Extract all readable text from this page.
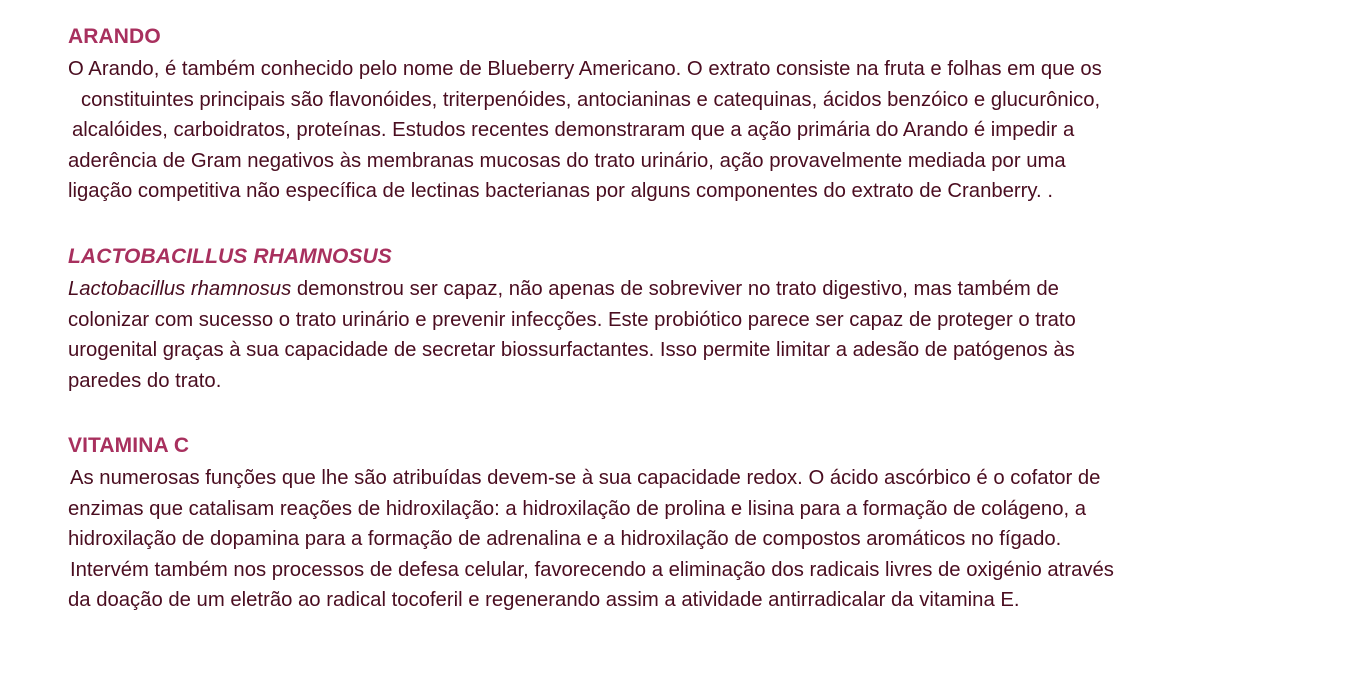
ARANDO

O Arando, é também conhecido pelo nome de Blueberry Americano. O extrato consiste na fruta e folhas em que os

constituintes principais são flavonóides, triterpenóides, antocianinas e catequinas, ácidos benzóico e glucurônico,

alcalóides, carboidratos, proteínas. Estudos recentes demonstraram que a ação primária do Arando é impedir a

aderência de Gram negativos às membranas mucosas do trato urinário, ação provavelmente mediada por uma

ligação competitiva não específica de lectinas bacterianas por alguns componentes do extrato de Cranberry. .

LACTOBACILLUS RHAMNOSUS

Lactobacillus rhamnosus demonstrou ser capaz, não apenas de sobreviver no trato digestivo, mas também de

colonizar com sucesso o trato urinário e prevenir infecções. Este probiótico parece ser capaz de proteger o trato

urogenital graças à sua capacidade de secretar biossurfactantes. Isso permite limitar a adesão de patógenos às

paredes do trato.

VITAMINA C

As numerosas funções que lhe são atribuídas devem-se à sua capacidade redox. O ácido ascórbico é o cofator de

enzimas que catalisam reações de hidroxilação: a hidroxilação de prolina e lisina para a formação de colágeno, a

hidroxilação de dopamina para a formação de adrenalina e a hidroxilação de compostos aromáticos no fígado.

Intervém também nos processos de defesa celular, favorecendo a eliminação dos radicais livres de oxigénio através

da doação de um eletrão ao radical tocoferil e regenerando assim a atividade antirradicalar da vitamina E.
